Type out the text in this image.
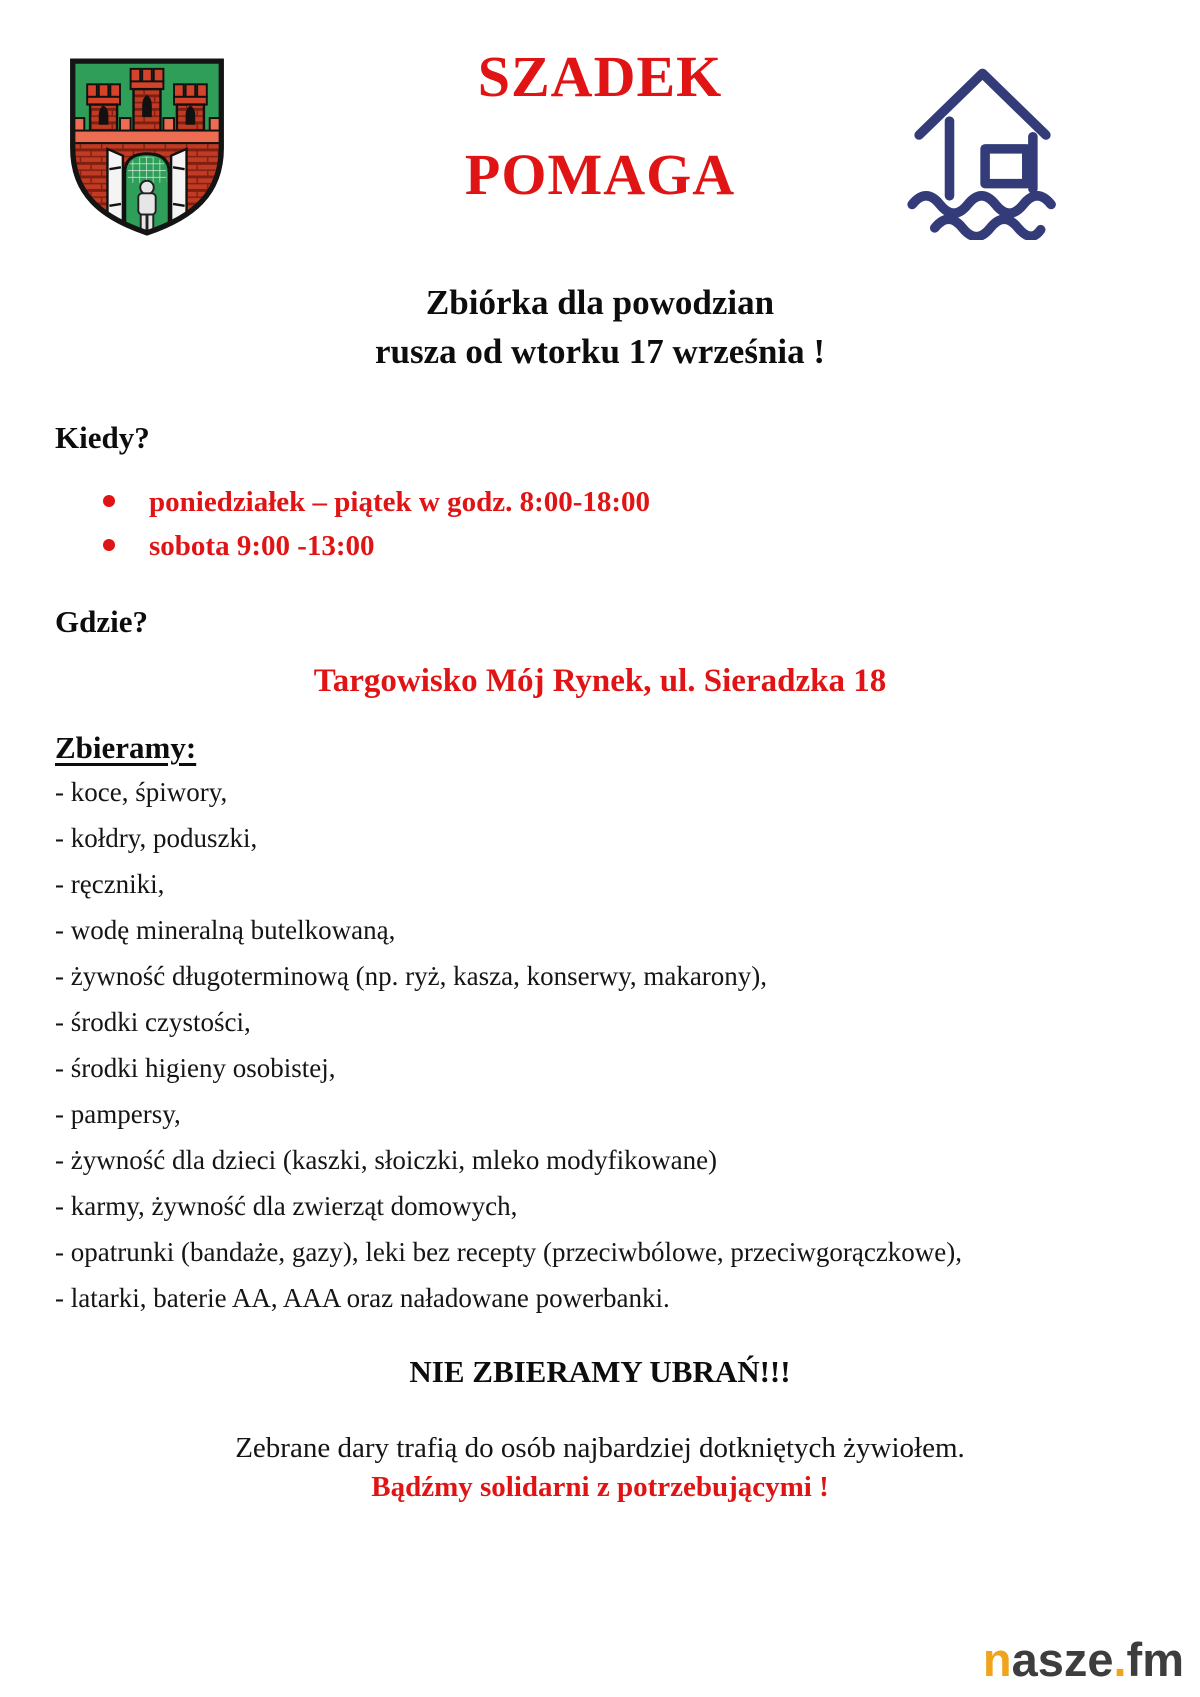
SZADEK
POMAGA
Zbiórka dla powodzian
rusza od wtorku 17 września !
Kiedy?
poniedziałek – piątek w godz. 8:00-18:00
sobota 9:00 -13:00
Gdzie?
Targowisko Mój Rynek, ul. Sieradzka 18
Zbieramy:
- koce, śpiwory,
- kołdry, poduszki,
- ręczniki,
- wodę mineralną butelkowaną,
- żywność długoterminową (np. ryż, kasza, konserwy, makarony),
- środki czystości,
- środki higieny osobistej,
- pampersy,
- żywność dla dzieci (kaszki, słoiczki, mleko modyfikowane)
- karmy, żywność dla zwierząt domowych,
- opatrunki (bandaże, gazy), leki bez recepty (przeciwbólowe, przeciwgorączkowe),
- latarki, baterie AA, AAA oraz naładowane powerbanki.
NIE ZBIERAMY UBRAŃ!!!
Zebrane dary trafią do osób najbardziej dotkniętych żywiołem.
Bądźmy solidarni z potrzebującymi !
nasze.fm
